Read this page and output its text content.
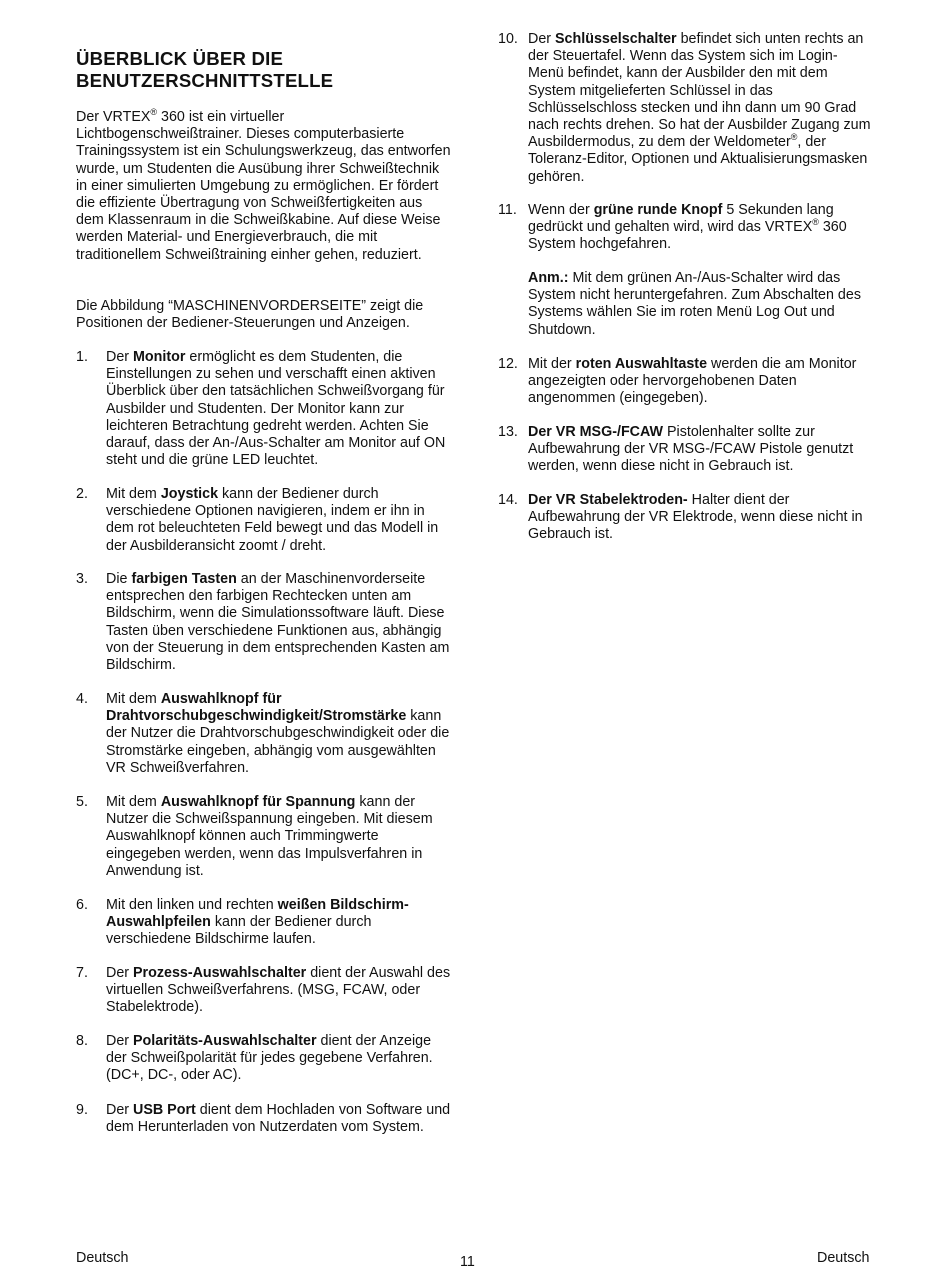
ÜBERBLICK ÜBER DIE
BENUTZERSCHNITTSTELLE

Der VRTEX® 360 ist ein virtueller Lichtbogenschweißtrainer. Dieses computerbasierte Trainingssystem ist ein Schulungswerkzeug, das entworfen wurde, um Studenten die Ausübung ihrer Schweißtechnik in einer simulierten Umgebung zu ermöglichen. Er fördert die effiziente Übertragung von Schweißfertigkeiten aus dem Klassenraum in die Schweißkabine. Auf diese Weise werden Material- und Energieverbrauch, die mit traditionellem Schweißtraining einher gehen, reduziert.

Die Abbildung “MASCHINENVORDERSEITE” zeigt die Positionen der Bediener-Steuerungen und Anzeigen.

1. Der Monitor ermöglicht es dem Studenten, die Einstellungen zu sehen und verschafft einen aktiven Überblick über den tatsächlichen Schweißvorgang für Ausbilder und Studenten. Der Monitor kann zur leichteren Betrachtung gedreht werden. Achten Sie darauf, dass der An-/Aus-Schalter am Monitor auf ON steht und die grüne LED leuchtet.
2. Mit dem Joystick kann der Bediener durch verschiedene Optionen navigieren, indem er ihn in dem rot beleuchteten Feld bewegt und das Modell in der Ausbilderansicht zoomt / dreht.
3. Die farbigen Tasten an der Maschinenvorderseite entsprechen den farbigen Rechtecken unten am Bildschirm, wenn die Simulationssoftware läuft. Diese Tasten üben verschiedene Funktionen aus, abhängig von der Steuerung in dem entsprechenden Kasten am Bildschirm.
4. Mit dem Auswahlknopf für Drahtvorschubgeschwindigkeit/Stromstärke kann der Nutzer die Drahtvorschubgeschwindigkeit oder die Stromstärke eingeben, abhängig vom ausgewählten VR Schweißverfahren.
5. Mit dem Auswahlknopf für Spannung kann der Nutzer die Schweißspannung eingeben. Mit diesem Auswahlknopf können auch Trimmingwerte eingegeben werden, wenn das Impulsverfahren in Anwendung ist.
6. Mit den linken und rechten weißen Bildschirm-Auswahlpfeilen kann der Bediener durch verschiedene Bildschirme laufen.
7. Der Prozess-Auswahlschalter dient der Auswahl des virtuellen Schweißverfahrens. (MSG, FCAW, oder Stabelektrode).
8. Der Polaritäts-Auswahlschalter dient der Anzeige der Schweißpolarität für jedes gegebene Verfahren. (DC+, DC-, oder AC).
9. Der USB Port dient dem Hochladen von Software und dem Herunterladen von Nutzerdaten vom System.
10. Der Schlüsselschalter befindet sich unten rechts an der Steuertafel. Wenn das System sich im Login-Menü befindet, kann der Ausbilder den mit dem System mitgelieferten Schlüssel in das Schlüsselschloss stecken und ihn dann um 90 Grad nach rechts drehen. So hat der Ausbilder Zugang zum Ausbildermodus, zu dem der Weldometer®, der Toleranz-Editor, Optionen und Aktualisierungsmasken gehören.
11. Wenn der grüne runde Knopf 5 Sekunden lang gedrückt und gehalten wird, wird das VRTEX® 360 System hochgefahren.
Anm.: Mit dem grünen An-/Aus-Schalter wird das System nicht heruntergefahren. Zum Abschalten des Systems wählen Sie im roten Menü Log Out und Shutdown.
12. Mit der roten Auswahltaste werden die am Monitor angezeigten oder hervorgehobenen Daten angenommen (eingegeben).
13. Der VR MSG-/FCAW Pistolenhalter sollte zur Aufbewahrung der VR MSG-/FCAW Pistole genutzt werden, wenn diese nicht in Gebrauch ist.
14. Der VR Stabelektroden- Halter dient der Aufbewahrung der VR Elektrode, wenn diese nicht in Gebrauch ist.
Deutsch	11	Deutsch
